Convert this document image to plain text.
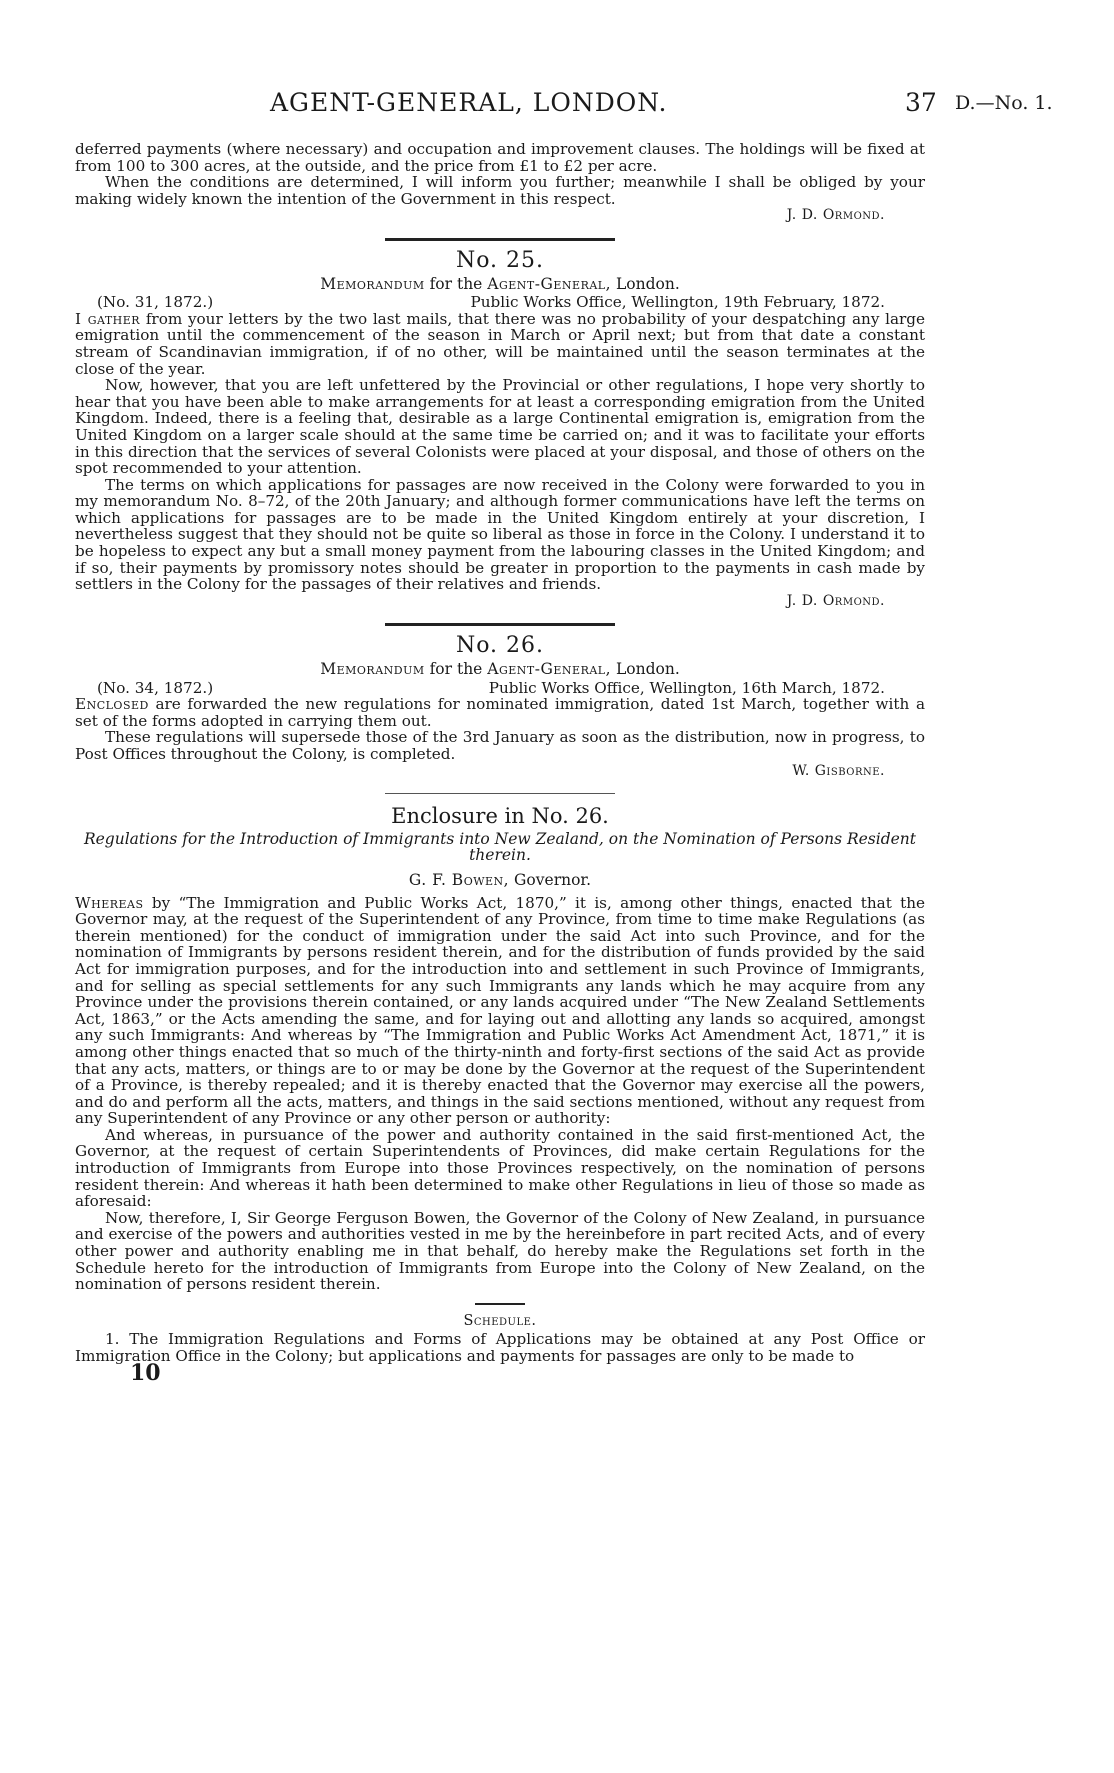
AGENT-GENERAL, LONDON.	37 D.—No. 1.

deferred payments (where necessary) and occupation and improvement clauses. The holdings will be fixed at from 100 to 300 acres, at the outside, and the price from £1 to £2 per acre.

When the conditions are determined, I will inform you further; meanwhile I shall be obliged by your making widely known the intention of the Government in this respect.

J. D. Ormond.

No. 25.
Memorandum for the Agent-General, London.
(No. 31, 1872.)	Public Works Office, Wellington, 19th February, 1872.

I gather from your letters by the two last mails, that there was no probability of your despatching any large emigration until the commencement of the season in March or April next; but from that date a constant stream of Scandinavian immigration, if of no other, will be maintained until the season terminates at the close of the year.

Now, however, that you are left unfettered by the Provincial or other regulations, I hope very shortly to hear that you have been able to make arrangements for at least a corresponding emigration from the United Kingdom. Indeed, there is a feeling that, desirable as a large Continental emigration is, emigration from the United Kingdom on a larger scale should at the same time be carried on; and it was to facilitate your efforts in this direction that the services of several Colonists were placed at your disposal, and those of others on the spot recommended to your attention.

The terms on which applications for passages are now received in the Colony were forwarded to you in my memorandum No. 8–72, of the 20th January; and although former communications have left the terms on which applications for passages are to be made in the United Kingdom entirely at your discretion, I nevertheless suggest that they should not be quite so liberal as those in force in the Colony. I understand it to be hopeless to expect any but a small money payment from the labouring classes in the United Kingdom; and if so, their payments by promissory notes should be greater in proportion to the payments in cash made by settlers in the Colony for the passages of their relatives and friends.

J. D. Ormond.

No. 26.
Memorandum for the Agent-General, London.
(No. 34, 1872.)	Public Works Office, Wellington, 16th March, 1872.

Enclosed are forwarded the new regulations for nominated immigration, dated 1st March, together with a set of the forms adopted in carrying them out.

These regulations will supersede those of the 3rd January as soon as the distribution, now in progress, to Post Offices throughout the Colony, is completed.

W. Gisborne.

Enclosure in No. 26.
Regulations for the Introduction of Immigrants into New Zealand, on the Nomination of Persons Resident therein.
G. F. Bowen, Governor.

Whereas by “The Immigration and Public Works Act, 1870,” it is, among other things, enacted that the Governor may, at the request of the Superintendent of any Province, from time to time make Regulations (as therein mentioned) for the conduct of immigration under the said Act into such Province, and for the nomination of Immigrants by persons resident therein, and for the distribution of funds provided by the said Act for immigration purposes, and for the introduction into and settlement in such Province of Immigrants, and for selling as special settlements for any such Immigrants any lands which he may acquire from any Province under the provisions therein contained, or any lands acquired under “The New Zealand Settlements Act, 1863,” or the Acts amending the same, and for laying out and allotting any lands so acquired, amongst any such Immigrants: And whereas by “The Immigration and Public Works Act Amendment Act, 1871,” it is among other things enacted that so much of the thirty-ninth and forty-first sections of the said Act as provide that any acts, matters, or things are to or may be done by the Governor at the request of the Superintendent of a Province, is thereby repealed; and it is thereby enacted that the Governor may exercise all the powers, and do and perform all the acts, matters, and things in the said sections mentioned, without any request from any Superintendent of any Province or any other person or authority:

And whereas, in pursuance of the power and authority contained in the said first-mentioned Act, the Governor, at the request of certain Superintendents of Provinces, did make certain Regulations for the introduction of Immigrants from Europe into those Provinces respectively, on the nomination of persons resident therein: And whereas it hath been determined to make other Regulations in lieu of those so made as aforesaid:

Now, therefore, I, Sir George Ferguson Bowen, the Governor of the Colony of New Zealand, in pursuance and exercise of the powers and authorities vested in me by the hereinbefore in part recited Acts, and of every other power and authority enabling me in that behalf, do hereby make the Regulations set forth in the Schedule hereto for the introduction of Immigrants from Europe into the Colony of New Zealand, on the nomination of persons resident therein.

Schedule.

1. The Immigration Regulations and Forms of Applications may be obtained at any Post Office or Immigration Office in the Colony; but applications and payments for passages are only to be made to

10
